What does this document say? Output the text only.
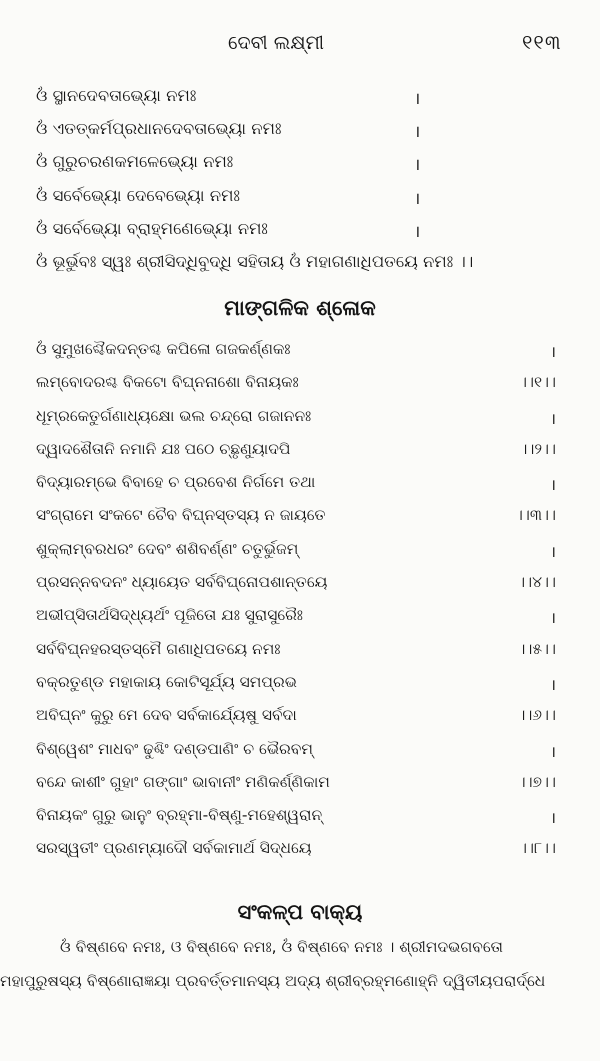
ଦେବୀ ଲକ୍ଷ୍ମୀ	୧୧୩
ଓଁ ସ୍ଥାନଦେବତାଭ୍ୟୋ ନମଃ	।
ଓଁ ଏତତ୍କର୍ମପ୍ରଧାନଦେବତାଭ୍ୟୋ ନମଃ	।
ଓଁ ଗୁରୁଚରଣକମଳେଭ୍ୟୋ ନମଃ	।
ଓଁ ସର୍ବେଭ୍ୟୋ ଦେବେଭ୍ୟୋ ନମଃ	।
ଓଁ ସର୍ବେଭ୍ୟୋ ବ୍ରାହ୍ମଣେଭ୍ୟୋ ନମଃ	।
ଓଁ ଭୂର୍ଭୁବଃ ସ୍ୱଃ ଶ୍ରୀସିଦ୍ଧିବୁଦ୍ଧି ସହିତାୟ ଓଁ ମହାଗଣାଧିପତୟେ ନମଃ ।।
ମାଙ୍ଗଳିକ ଶ୍ଳୋକ
ଓଁ ସୁମୁଖଶ୍ଚୈକଦନ୍ତଶ୍ଚ କପିଳୋ ଗଜକର୍ଣ୍ଣକଃ	।
ଲମ୍ବୋଦରଶ୍ଚ ବିକଟୋ ବିଘ୍ନନାଶୋ ବିନାୟକଃ	।।୧।।
ଧୂମ୍ରକେତୁର୍ଗଣାଧ୍ୟକ୍ଷୋ ଭଲ ଚନ୍ଦ୍ରୋ ଗଜାନନଃ	।
ଦ୍ୱାଦଶୈତାନି ନମାନି ଯଃ ପଠେ ଚ୍ଛୃଣୁୟାଦପି	।।୨।।
ବିଦ୍ୟାରମ୍ଭେ ବିବାହେ ଚ ପ୍ରବେଶ ନିର୍ଗମେ ତଥା	।
ସଂଗ୍ରାମେ ସଂକଟେ ଚୈବ ବିଘ୍ନସ୍ତସ୍ୟ ନ ଜାୟତେ	।।୩।।
ଶୁକ୍ଲାମ୍ବରଧରଂ ଦେବଂ ଶଶିବର୍ଣ୍ଣଂ ଚତୁର୍ଭୁଜମ୍	।
ପ୍ରସନ୍ନବଦନଂ ଧ୍ୟାୟେତ ସର୍ବବିଘ୍ନୋପଶାନ୍ତୟେ	।।୪।।
ଅଭୀପ୍ସିତାର୍ଥସିଦ୍ଧ୍ୟର୍ଥଂ ପୂଜିତୋ ଯଃ ସୁରାସୁରୈଃ	।
ସର୍ବବିଘ୍ନହରସ୍ତସ୍ମୈ ଗଣାଧିପତୟେ ନମଃ	।।୫।।
ବକ୍ରତୁଣ୍ଡ ମହାକାୟ କୋଟିସୂର୍ଯ୍ୟ ସମପ୍ରଭ	।
ଅବିଘ୍ନଂ କୁରୁ ମେ ଦେବ ସର୍ବକାର୍ଯ୍ୟେଷୁ ସର୍ବଦା	।।୬।।
ବିଶ୍ୱେଶଂ ମାଧବଂ ଢୁଣ୍ଢିଂ ଦଣ୍ଡପାଣିଂ ଚ ଭୈରବମ୍	।
ବନ୍ଦେ କାଶୀଂ ଗୁହାଂ ଗଙ୍ଗାଂ ଭାବାନୀଂ ମଣିକର୍ଣ୍ଣିକାମ	।।୭।।
ବିନାୟକଂ ଗୁରୁ ଭାନୁଂ ବ୍ରହ୍ମା-ବିଷ୍ଣୁ-ମହେଶ୍ୱରାନ୍	।
ସରସ୍ୱତୀଂ ପ୍ରଣମ୍ୟାଦୌ ସର୍ବକାମାର୍ଥ ସିଦ୍ଧୟେ	।।୮।।
ସଂକଳ୍ପ ବାକ୍ୟ
ଓଁ ବିଷ୍ଣବେ ନମଃ, ଓ ବିଷ୍ଣବେ ନମଃ, ଓଁ ବିଷ୍ଣବେ ନମଃ । ଶ୍ରୀମଦଭଗବତୋ
ମହାପୁରୁଷସ୍ୟ ବିଷ୍ଣୋରାଜ୍ଞୟା ପ୍ରବର୍ତ୍ତମାନସ୍ୟ ଅଦ୍ୟ ଶ୍ରୀବ୍ରହ୍ମଣୋହ୍ନି ଦ୍ୱିତୀୟପରାର୍ଦ୍ଧେ
